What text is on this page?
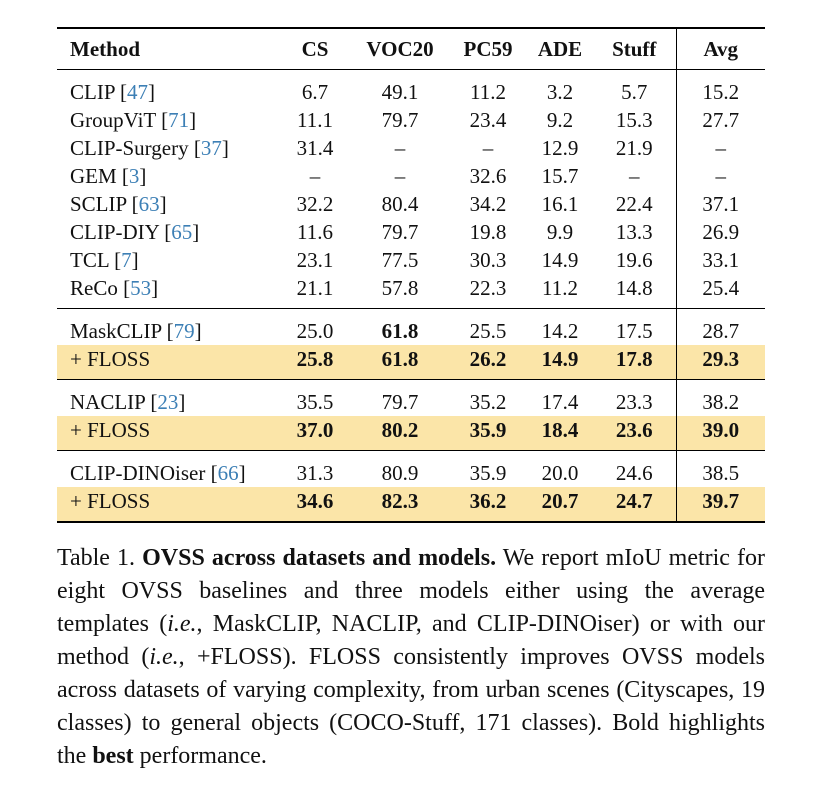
Method	CS	VOC20	PC59	ADE	Stuff	Avg
CLIP [47]	6.7	49.1	11.2	3.2	5.7	15.2
GroupViT [71]	11.1	79.7	23.4	9.2	15.3	27.7
CLIP-Surgery [37]	31.4	–	–	12.9	21.9	–
GEM [3]	–	–	32.6	15.7	–	–
SCLIP [63]	32.2	80.4	34.2	16.1	22.4	37.1
CLIP-DIY [65]	11.6	79.7	19.8	9.9	13.3	26.9
TCL [7]	23.1	77.5	30.3	14.9	19.6	33.1
ReCo [53]	21.1	57.8	22.3	11.2	14.8	25.4
MaskCLIP [79]	25.0	61.8	25.5	14.2	17.5	28.7
+ FLOSS	25.8	61.8	26.2	14.9	17.8	29.3
NACLIP [23]	35.5	79.7	35.2	17.4	23.3	38.2
+ FLOSS	37.0	80.2	35.9	18.4	23.6	39.0
CLIP-DINOiser [66]	31.3	80.9	35.9	20.0	24.6	38.5
+ FLOSS	34.6	82.3	36.2	20.7	24.7	39.7
Table 1. OVSS across datasets and models. We report mIoU metric for eight OVSS baselines and three models either using the average templates (i.e., MaskCLIP, NACLIP, and CLIP-DINOiser) or with our method (i.e., +FLOSS). FLOSS consistently improves OVSS models across datasets of varying complexity, from urban scenes (Cityscapes, 19 classes) to general objects (COCO-Stuff, 171 classes). Bold highlights the best performance.
